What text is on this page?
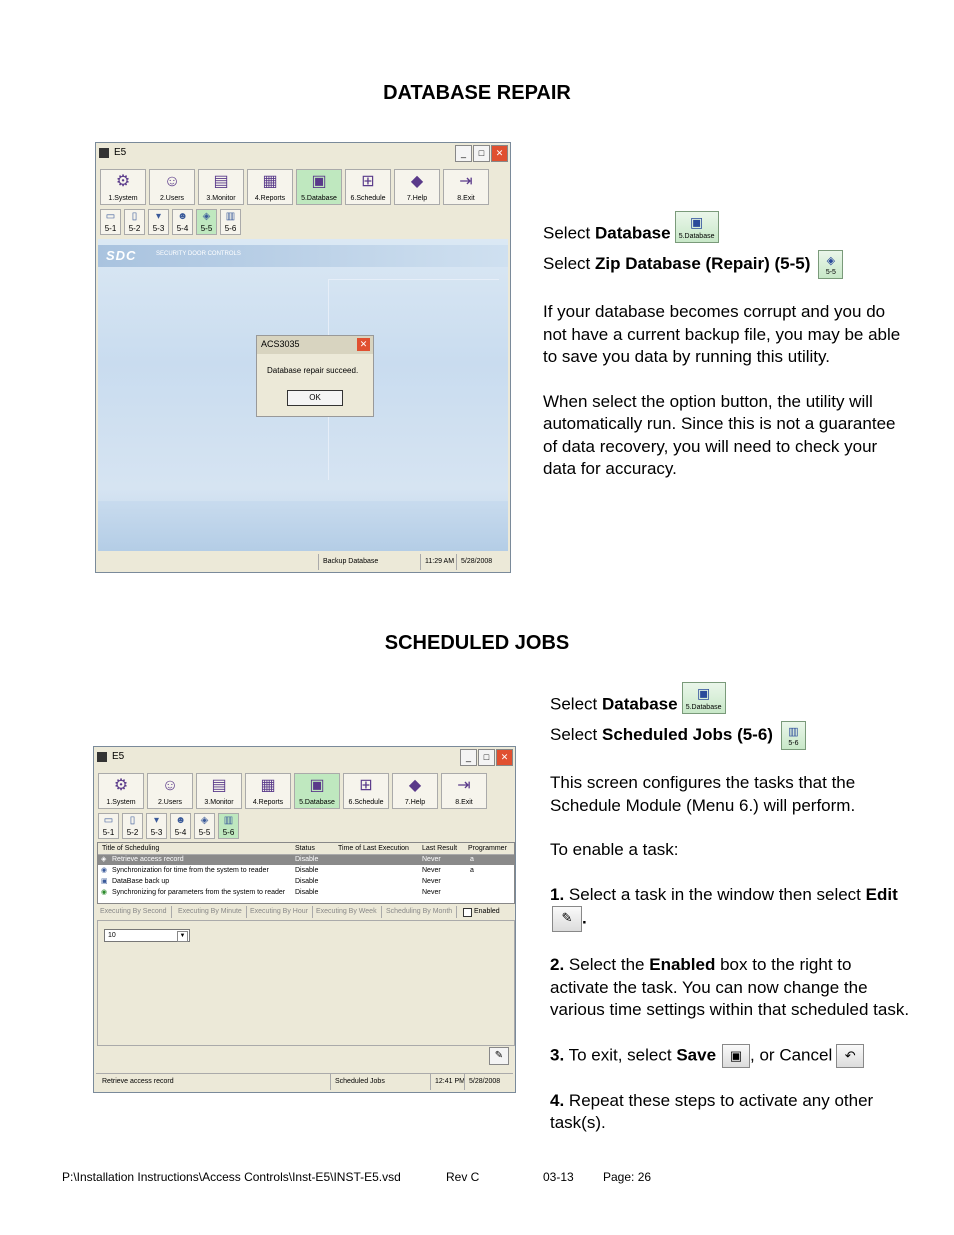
DATABASE REPAIR
E5	_ □ ✕
⚙
1.System
☺
2.Users
▤
3.Monitor
▦
4.Reports
▣
5.Database
⊞
6.Schedule
◆
7.Help
⇥
8.Exit
▭
5-1
▯
5-2
▾
5-3
☻
5-4
◈
5-5
▥
5-6
SDC	SECURITY DOOR CONTROLS
ACS3035	✕
Database repair succeed.
OK
Backup Database	11:29 AM 5/28/2008

Select Database
▣
5.Database

Select Zip Database (Repair) (5-5)	◈
5-5

If your database becomes corrupt and you do not have a current backup file, you may be able to save you data by running this utility.

When select the option button, the utility will automatically run. Since this is not a guarantee of data recovery, you will need to check your data for accuracy.

SCHEDULED JOBS

Select Database
▣
5.Database

Select Scheduled Jobs (5-6)	▥
5-6

This screen configures the tasks that the Schedule Module (Menu 6.) will perform.

To enable a task:

1. Select a task in the window then select Edit✎ .

2. Select the Enabled box to the right to activate the task. You can now change the various time settings within that scheduled task.

3. To exit, select Save ▣ , or Cancel ↶

4. Repeat these steps to activate any other task(s).

E5	_ □ ✕
⚙
1.System
☺
2.Users
▤
3.Monitor
▦
4.Reports
▣
5.Database
⊞
6.Schedule
◆
7.Help
⇥
8.Exit
▭
5-1
▯
5-2
▾
5-3
☻
5-4
◈
5-5
▥
5-6
Title of Scheduling	Status	Time of Last Execution Last Result Programmer
◈ Retrieve access record	Disable	Never	a
◉ Synchronization for time from the system to reader	Disable	Never	a
▣ DataBase back up	Disable	Never
◉ Synchronizing for parameters from the system to reader Disable	Never
Executing By Second	Executing By Minute	Executing By Hour	Executing By Week	Scheduling By Month	Enabled
10	▼
✎
Retrieve access record	Scheduled Jobs	12:41 PM 5/28/2008
P:\Installation Instructions\Access Controls\Inst-E5\INST-E5.vsd	Rev C	03-13 Page: 26
